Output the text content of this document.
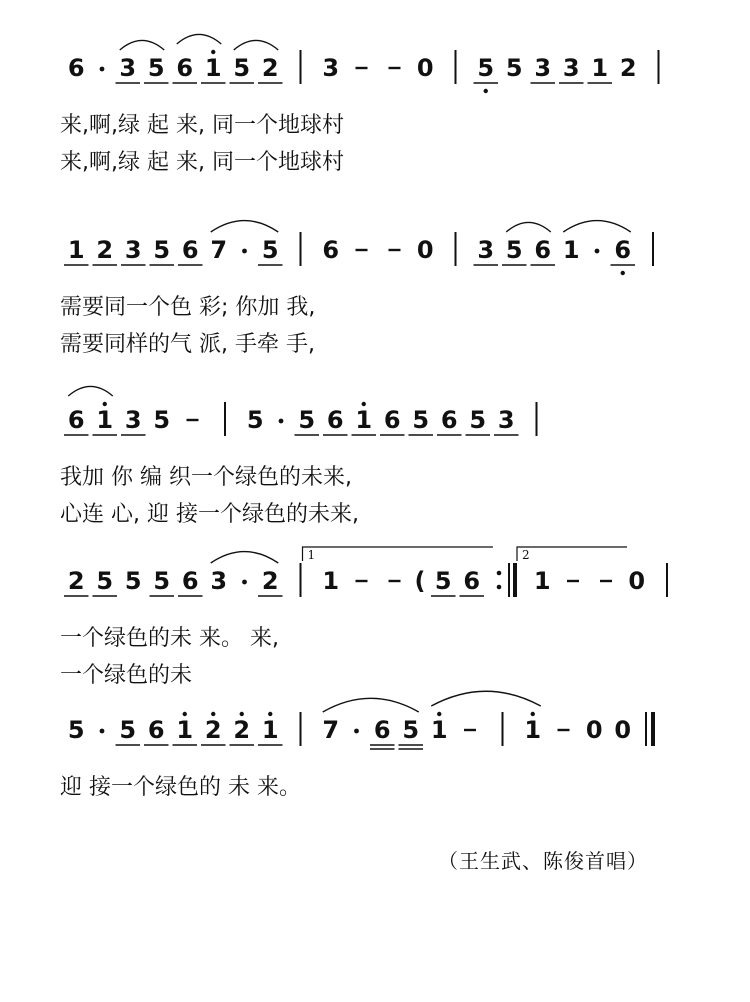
6 3 5 6 1 5 2 3	0 5 5 3 3 1 2
来,啊,绿 起 来, 同一个地球村
来,啊,绿 起 来, 同一个地球村
1 2 3 5 6 7 5 6	0 3 5 6 1 6
需要同一个色 彩; 你加 我,
需要同样的气 派, 手牵 手,
6 1 3 5	5 5 6 1 6 5 6 5 3
我加 你 编 织一个绿色的未来,
心连 心, 迎 接一个绿色的未来,
2 5 5 5 6 3 2 1	( 5 6 1	0
1	2
一个绿色的未 来。 来,
一个绿色的未
5 5 6 1 2 2 1 7 6 5 1	1 0 0
迎 接一个绿色的 未 来。
（王生武、陈俊首唱）
